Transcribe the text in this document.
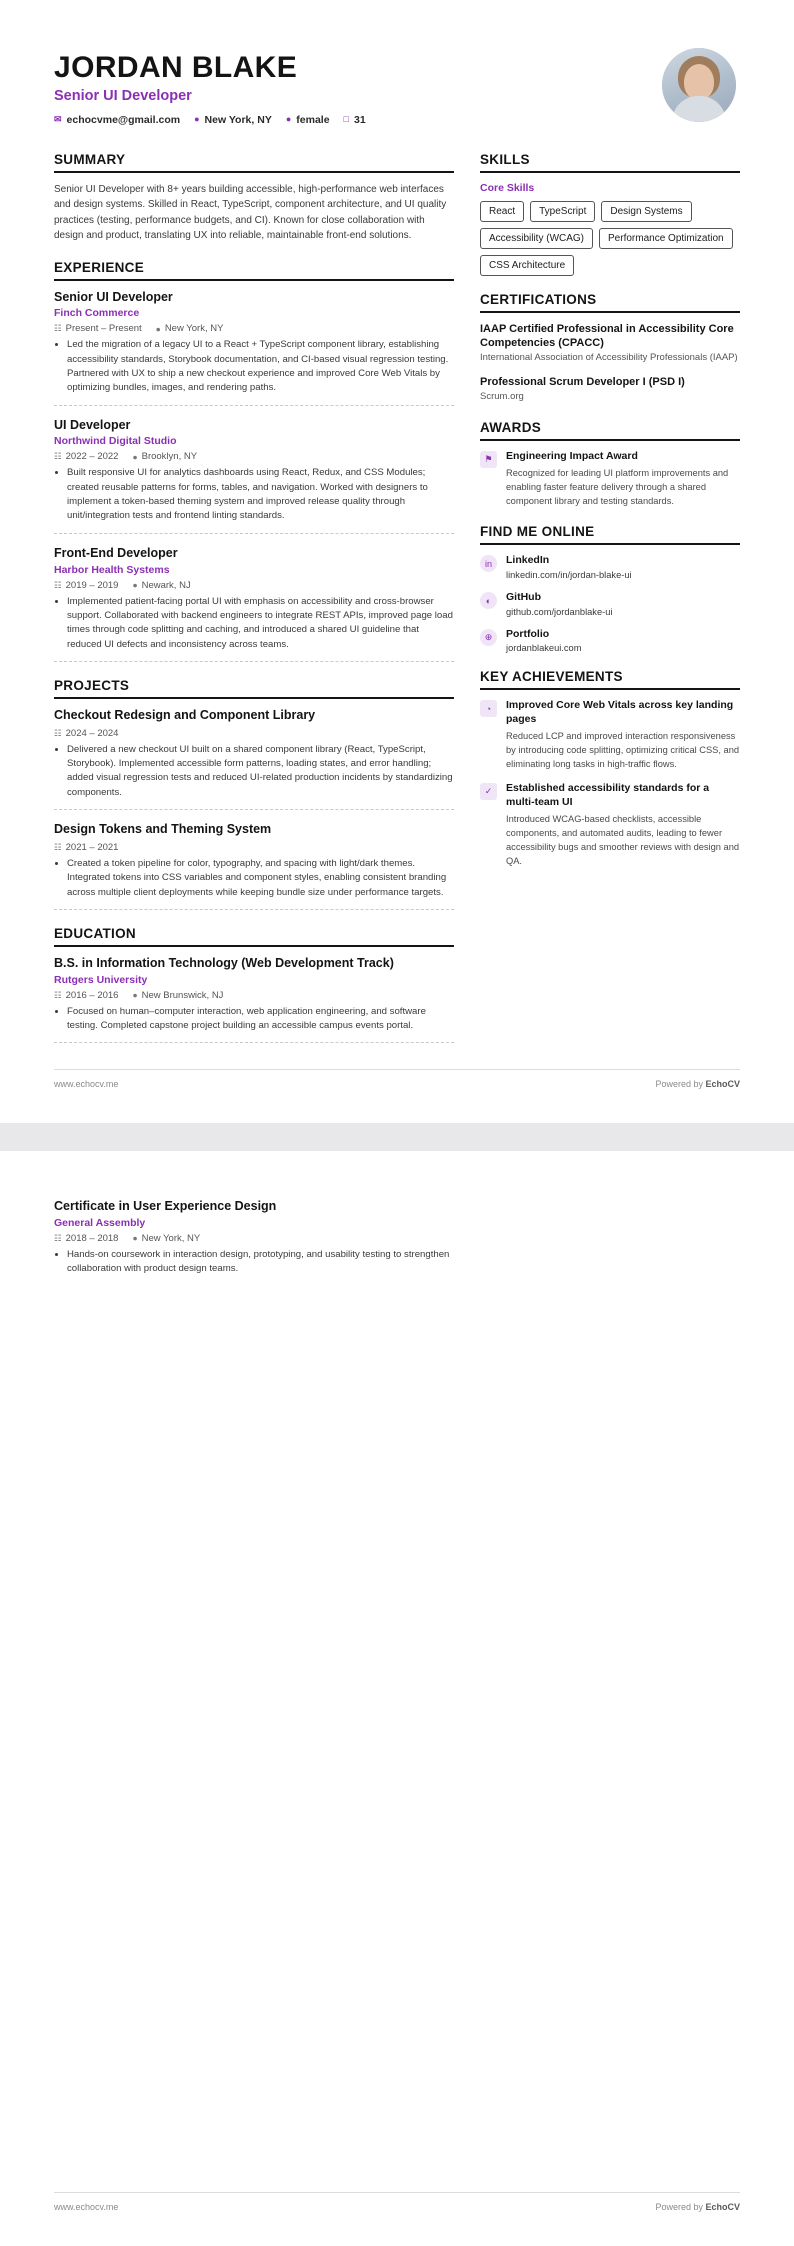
JORDAN BLAKE
Senior UI Developer
✉ echocvme@gmail.com ● New York, NY ● female □ 31
SUMMARY
Senior UI Developer with 8+ years building accessible, high-performance web interfaces and design systems. Skilled in React, TypeScript, component architecture, and UI quality practices (testing, performance budgets, and CI). Known for close collaboration with design and product, translating UX into reliable, maintainable front-end solutions.
EXPERIENCE
Senior UI Developer
Finch Commerce
☷ Present – Present ● New York, NY
• Led the migration of a legacy UI to a React + TypeScript component library, establishing accessibility standards, Storybook documentation, and CI-based visual regression testing. Partnered with UX to ship a new checkout experience and improved Core Web Vitals by optimizing bundles, images, and rendering paths.
UI Developer
Northwind Digital Studio
☷ 2022 – 2022 ● Brooklyn, NY
• Built responsive UI for analytics dashboards using React, Redux, and CSS Modules; created reusable patterns for forms, tables, and navigation. Worked with designers to implement a token-based theming system and improved release quality through unit/integration tests and frontend linting standards.
Front-End Developer
Harbor Health Systems
☷ 2019 – 2019 ● Newark, NJ
• Implemented patient-facing portal UI with emphasis on accessibility and cross-browser support. Collaborated with backend engineers to integrate REST APIs, improved page load times through code splitting and caching, and introduced a shared UI guideline that reduced UI defects and inconsistency across teams.
PROJECTS
Checkout Redesign and Component Library
☷ 2024 – 2024
• Delivered a new checkout UI built on a shared component library (React, TypeScript, Storybook). Implemented accessible form patterns, loading states, and error handling; added visual regression tests and reduced UI-related production incidents by standardizing components.
Design Tokens and Theming System
☷ 2021 – 2021
• Created a token pipeline for color, typography, and spacing with light/dark themes. Integrated tokens into CSS variables and component styles, enabling consistent branding across multiple client deployments while keeping bundle size under performance targets.
EDUCATION
B.S. in Information Technology (Web Development Track)
Rutgers University
☷ 2016 – 2016 ● New Brunswick, NJ
• Focused on human–computer interaction, web application engineering, and software testing. Completed capstone project building an accessible campus events portal.
SKILLS
Core Skills
React	TypeScript	Design Systems
Accessibility (WCAG)	Performance Optimization
CSS Architecture
CERTIFICATIONS
IAAP Certified Professional in Accessibility Core Competencies (CPACC)
International Association of Accessibility Professionals (IAAP)
Professional Scrum Developer I (PSD I)
Scrum.org
AWARDS
⚑	Engineering Impact Award
Recognized for leading UI platform improvements and enabling faster feature delivery through a shared component library and testing standards.
FIND ME ONLINE
in	LinkedIn
linkedin.com/in/jordan-blake-ui
◐	GitHub
github.com/jordanblake-ui
⊕	Portfolio
jordanblakeui.com
KEY ACHIEVEMENTS
◔	Improved Core Web Vitals across key landing pages
Reduced LCP and improved interaction responsiveness by introducing code splitting, optimizing critical CSS, and eliminating long tasks in high-traffic flows.
✓	Established accessibility standards for a multi-team UI
Introduced WCAG-based checklists, accessible components, and automated audits, leading to fewer accessibility bugs and smoother reviews with design and QA.
www.echocv.me	Powered by EchoCV
Certificate in User Experience Design
General Assembly
☷ 2018 – 2018 ● New York, NY
• Hands-on coursework in interaction design, prototyping, and usability testing to strengthen collaboration with product design teams.
www.echocv.me	Powered by EchoCV
